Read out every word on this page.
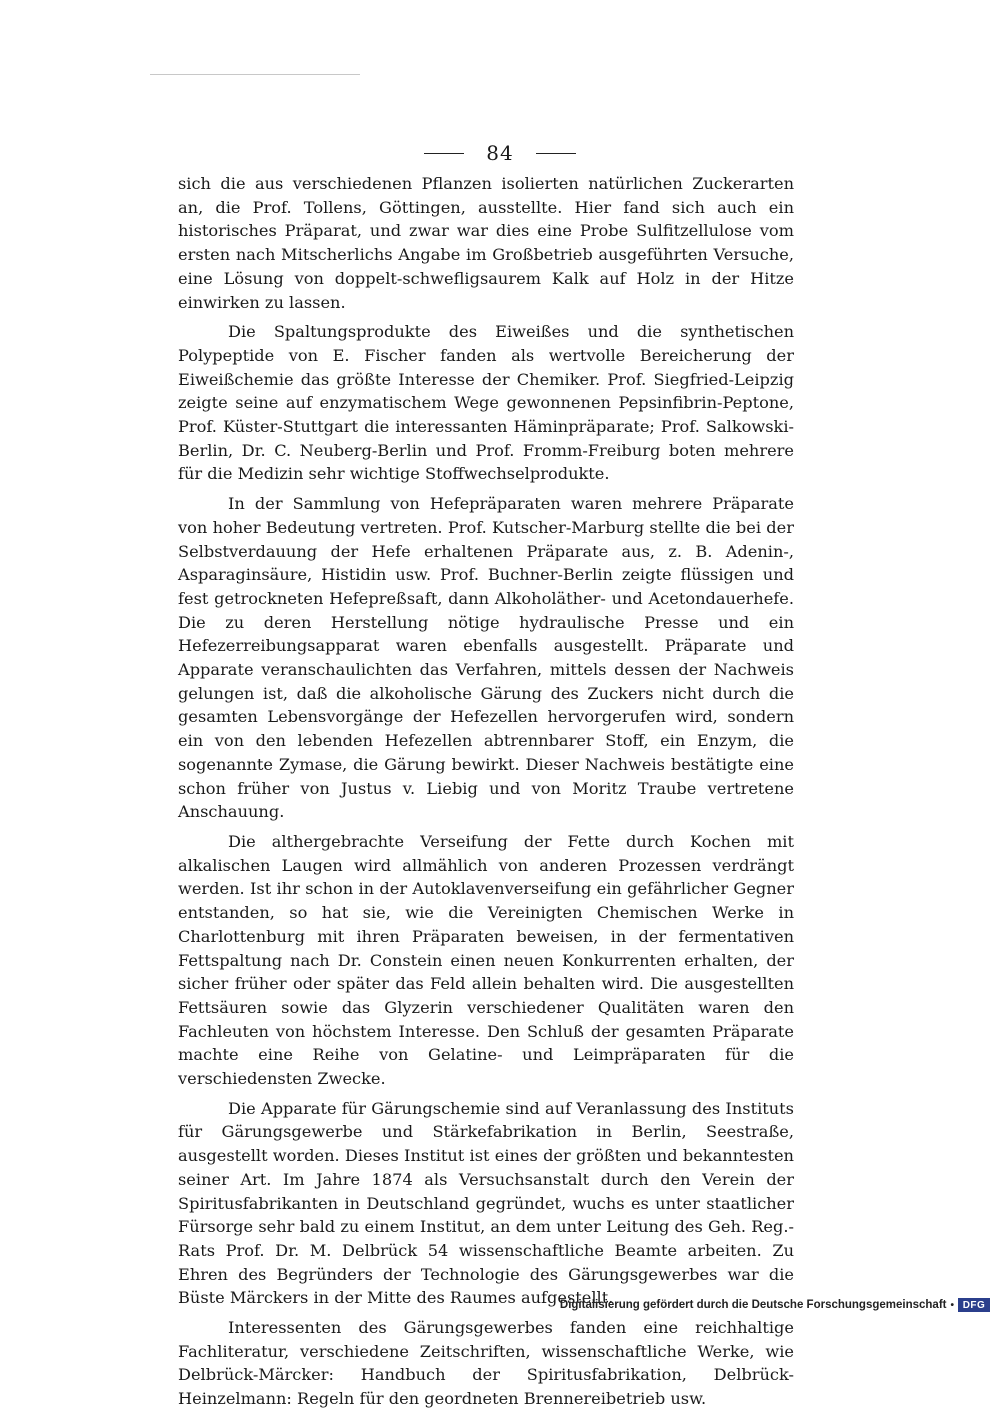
84

sich die aus verschiedenen Pflanzen isolierten natürlichen Zuckerarten an, die Prof. Tollens, Göttingen, ausstellte. Hier fand sich auch ein historisches Präparat, und zwar war dies eine Probe Sulfitzellulose vom ersten nach Mitscherlichs Angabe im Großbetrieb ausgeführten Versuche, eine Lösung von doppelt-schwefligsaurem Kalk auf Holz in der Hitze einwirken zu lassen.

Die Spaltungsprodukte des Eiweißes und die synthetischen Polypeptide von E. Fischer fanden als wertvolle Bereicherung der Eiweißchemie das größte Interesse der Chemiker. Prof. Siegfried-Leipzig zeigte seine auf enzymatischem Wege gewonnenen Pepsinfibrin-Peptone, Prof. Küster-Stuttgart die interessanten Häminpräparate; Prof. Salkowski-Berlin, Dr. C. Neuberg-Berlin und Prof. Fromm-Freiburg boten mehrere für die Medizin sehr wichtige Stoffwechselprodukte.

In der Sammlung von Hefepräparaten waren mehrere Präparate von hoher Bedeutung vertreten. Prof. Kutscher-Marburg stellte die bei der Selbstverdauung der Hefe erhaltenen Präparate aus, z. B. Adenin-, Asparaginsäure, Histidin usw. Prof. Buchner-Berlin zeigte flüssigen und fest getrockneten Hefepreßsaft, dann Alkoholäther- und Acetondauerhefe. Die zu deren Herstellung nötige hydraulische Presse und ein Hefezerreibungsapparat waren ebenfalls ausgestellt. Präparate und Apparate veranschaulichten das Verfahren, mittels dessen der Nachweis gelungen ist, daß die alkoholische Gärung des Zuckers nicht durch die gesamten Lebensvorgänge der Hefezellen hervorgerufen wird, sondern ein von den lebenden Hefezellen abtrennbarer Stoff, ein Enzym, die sogenannte Zymase, die Gärung bewirkt. Dieser Nachweis bestätigte eine schon früher von Justus v. Liebig und von Moritz Traube vertretene Anschauung.

Die althergebrachte Verseifung der Fette durch Kochen mit alkalischen Laugen wird allmählich von anderen Prozessen verdrängt werden. Ist ihr schon in der Autoklavenverseifung ein gefährlicher Gegner entstanden, so hat sie, wie die Vereinigten Chemischen Werke in Charlottenburg mit ihren Präparaten beweisen, in der fermentativen Fettspaltung nach Dr. Constein einen neuen Konkurrenten erhalten, der sicher früher oder später das Feld allein behalten wird. Die ausgestellten Fettsäuren sowie das Glyzerin verschiedener Qualitäten waren den Fachleuten von höchstem Interesse. Den Schluß der gesamten Präparate machte eine Reihe von Gelatine- und Leimpräparaten für die verschiedensten Zwecke.

Die Apparate für Gärungschemie sind auf Veranlassung des Instituts für Gärungsgewerbe und Stärkefabrikation in Berlin, Seestraße, ausgestellt worden. Dieses Institut ist eines der größten und bekanntesten seiner Art. Im Jahre 1874 als Versuchsanstalt durch den Verein der Spiritusfabrikanten in Deutschland gegründet, wuchs es unter staatlicher Fürsorge sehr bald zu einem Institut, an dem unter Leitung des Geh. Reg.-Rats Prof. Dr. M. Delbrück 54 wissenschaftliche Beamte arbeiten. Zu Ehren des Begründers der Technologie des Gärungsgewerbes war die Büste Märckers in der Mitte des Raumes aufgestellt.

Interessenten des Gärungsgewerbes fanden eine reichhaltige Fachliteratur, verschiedene Zeitschriften, wissenschaftliche Werke, wie Delbrück-Märcker: Handbuch der Spiritusfabrikation, Delbrück-Heinzelmann: Regeln für den geordneten Brennereibetrieb usw.

Digitalisierung gefördert durch die Deutsche Forschungsgemeinschaft • DFG
